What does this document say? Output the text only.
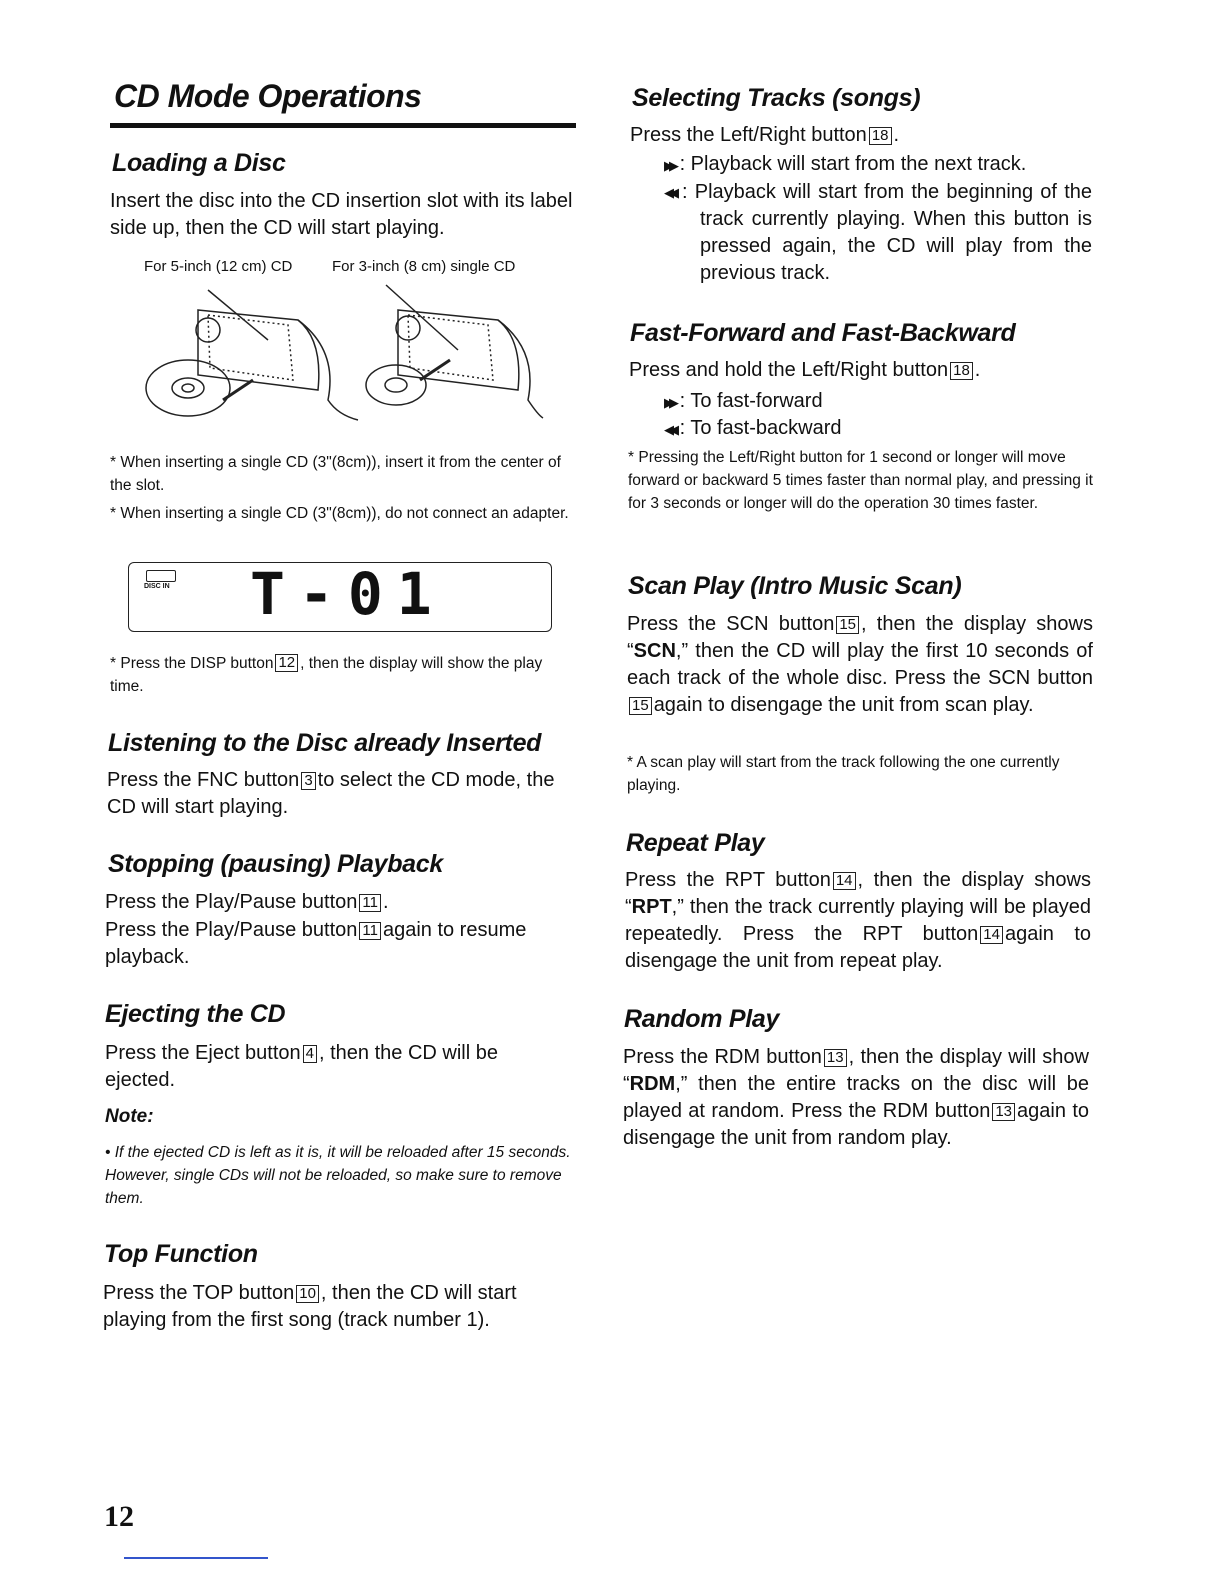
CD Mode Operations
Loading a Disc

Insert the disc into the CD insertion slot with its label side up, then the CD will start playing.

For 5-inch (12 cm) CD	For 3-inch (8 cm) single CD

* When inserting a single CD (3"(8cm)), insert it from the center of the slot.

* When inserting a single CD (3"(8cm)), do not connect an adapter.

DISC IN T-01

* Press the DISP button 12 , then the display will show the play time.

Listening to the Disc already Inserted

Press the FNC button 3 to select the CD mode, the CD will start playing.

Stopping (pausing) Playback

Press the Play/Pause button 11 .

Press the Play/Pause button 11 again to resume playback.

Ejecting the CD

Press the Eject button 4 , then the CD will be ejected.

Note:

• If the ejected CD is left as it is, it will be reloaded after 15 seconds. However, single CDs will not be reloaded, so make sure to remove them.

Top Function

Press the TOP button 10 , then the CD will start playing from the first song (track number 1).

Selecting Tracks (songs)

Press the Left/Right button 18 .

▶▶ : Playback will start from the next track.

◀◀ : Playback will start from the beginning of the track currently playing. When this button is pressed again, the CD will play from the previous track.

Fast-Forward and Fast-Backward

Press and hold the Left/Right button 18 .

▶▶ : To fast-forward

◀◀ : To fast-backward

* Pressing the Left/Right button for 1 second or longer will move forward or backward 5 times faster than normal play, and pressing it for 3 seconds or longer will do the operation 30 times faster.

Scan Play (Intro Music Scan)

Press the SCN button 15 , then the display shows “SCN,” then the CD will play the first 10 seconds of each track of the whole disc. Press the SCN button15 again to disengage the unit from scan play.

* A scan play will start from the track following the one currently playing.

Repeat Play

Press the RPT button 14 , then the display shows “RPT,” then the track currently playing will be played repeatedly. Press the RPT button 14 again to disengage the unit from repeat play.

Random Play

Press the RDM button 13 , then the display will show “RDM,” then the entire tracks on the disc will be played at random. Press the RDM button 13 again to disengage the unit from random play.

12
